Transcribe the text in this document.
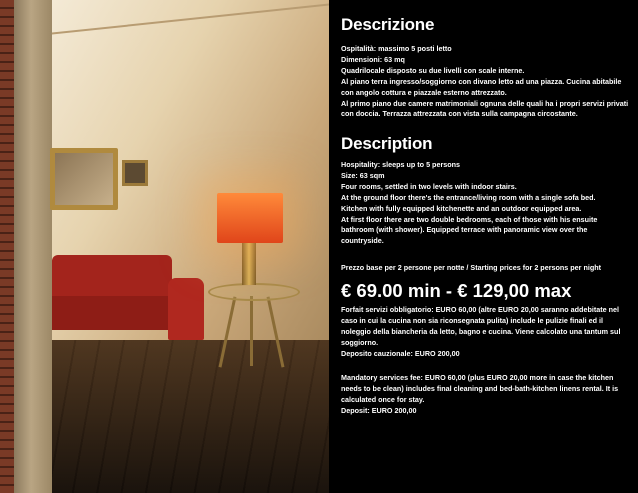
Descrizione
Ospitalità: massimo 5 posti letto
Dimensioni: 63 mq
Quadrilocale disposto su due livelli con scale interne.
Al piano terra ingresso/soggiorno con divano letto ad una piazza. Cucina abitabile con angolo cottura e piazzale esterno attrezzato.
Al primo piano due camere matrimoniali ognuna delle quali ha i propri servizi privati con doccia. Terrazza attrezzata con vista sulla campagna circostante.
Description
Hospitality: sleeps up to 5 persons
Size: 63 sqm
Four rooms, settled in two levels with indoor stairs.
At the ground floor there's the entrance/living room with a single sofa bed.
Kitchen with fully equipped kitchenette and an outdoor equipped area.
At first floor there are two double bedrooms, each of those with his ensuite bathroom (with shower). Equipped terrace with panoramic view over the countryside.
Prezzo base per 2 persone per notte / Starting prices for 2 persons per night
€ 69.00 min - € 129,00 max
Forfait servizi obbligatorio: EURO 60,00 (altre EURO 20,00 saranno addebitate nel caso in cui la cucina non sia riconsegnata pulita) include le pulizie finali ed il noleggio della biancheria da letto, bagno e cucina. Viene calcolato una tantum sul soggiorno.
Deposito cauzionale: EURO 200,00
Mandatory services fee: EURO 60,00 (plus EURO 20,00 more in case the kitchen needs to be clean) includes final cleaning and bed-bath-kitchen linens rental. It is calculated once for stay.
Deposit: EURO 200,00
